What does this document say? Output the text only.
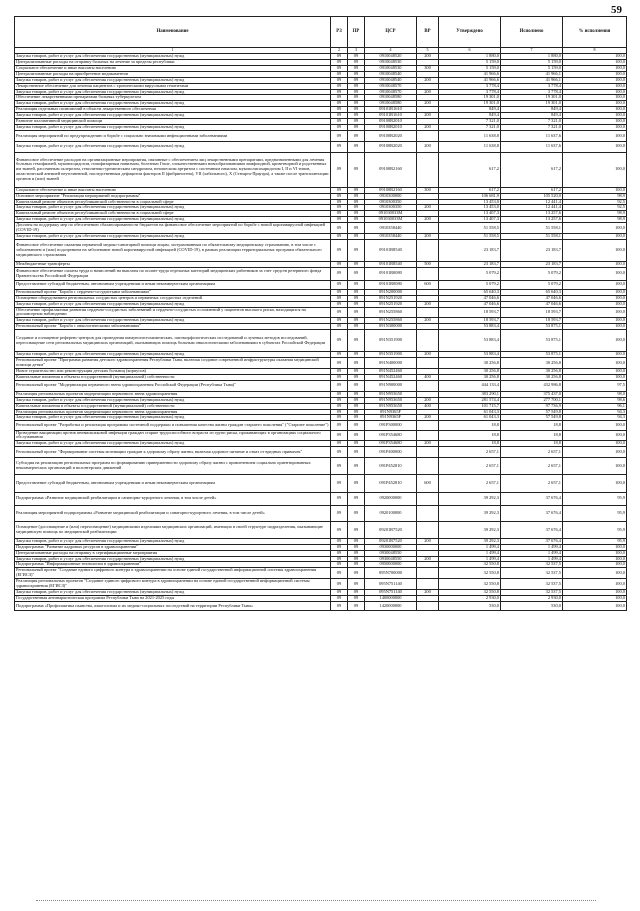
59
Наименование	РЗ	ПР	ЦСР	ВР	Утверждено	Исполнено	% исполнения
1	2	3	4	5	6	7	8
Закупка товаров, работ и услуг для обеспечения государственных (муниципальных) нужд	09	09	0910048520	200	1 880,0	1 880,0	100,0
Централизованные расходы на отправку больных на лечение за пределы республики	09	09	0910048530		5 159,0	5 159,0	100,0
Социальное обеспечение и иные выплаты населению	09	09	0910048530	300	5 159,0	5 159,0	100,0
Централизованные расходы на приобретение медикаментов	09	09	0910048540		41 966,6	41 966,1	100,0
Закупка товаров, работ и услуг для обеспечения государственных (муниципальных) нужд	09	09	0910048540	200	41 966,6	41 966,1	100,0
Лекарственное обеспечение для лечения пациентов с хроническими вирусными гепатитами	09	09	0910048570		3 778,4	3 778,4	100,0
Закупка товаров, работ и услуг для обеспечения государственных (муниципальных) нужд	09	09	0910048570	200	3 778,4	3 778,4	100,0
Обеспечение лекарственными препаратами больных туберкулезом	09	09	0910048580		19 301,0	19 301,0	100,0
Закупка товаров, работ и услуг для обеспечения государственных (муниципальных) нужд	09	09	0910048580	200	19 301,0	19 301,0	100,0
Реализация отдельных полномочий в области лекарственного обеспечения	09	09	09101R1610		849,4	849,4	100,0
Закупка товаров, работ и услуг для обеспечения государственных (муниципальных) нужд	09	09	09101R1610	200	849,4	849,4	100,0
Развитие паллиативной медицинской помощи	09	09	09100R2010		7 321,0	7 321,0	100,0
Закупка товаров, работ и услуг для обеспечения государственных (муниципальных) нужд	09	09	09100R2010	200	7 321,0	7 321,0	100,0
Реализация мероприятий по предупреждению и борьбе с социально значимыми инфекционными заболеваниями	09	09	09100R2020		11 638,8	11 637,6	100,0
Закупка товаров, работ и услуг для обеспечения государственных (муниципальных) нужд	09	09	09100R2020	200	11 638,8	11 637,6	100,0
Финансовое обеспечение расходов на организационные мероприятия, связанные с обеспечением лиц лекарственными препаратами, предназначенными для лечения больных гемофилией, муковисцидозом, гипофизарным нанизмом, болезнью Гоше, злокачественными новообразованиями лимфоидной, кроветворной и родственных им тканей, рассеянным склерозом, гемолитико-уремическим синдромом, юношеским артритом с системным началом, мукополисахаридозом I, II и VI типов, апластической анемией неуточненной, наследственным дефицитом факторов II (фибриногена), VII (лабильного), X (Стюарта-Прауэра), а также после трансплантации органов и (или) тканей	09	09	09100R2160		617,2	617,2	100,0
Социальное обеспечение и иные выплаты населению	09	09	09100R2160	300	617,2	617,2	100,0
Основное мероприятие "Реализация мероприятий подпрограммы"	09	09	0910300000		106 681,9	105 520,0	98,9
Капитальный ремонт объектов республиканской собственности в социальной сфере	09	09	0910300350		13 453,0	12 441,4	92,5
Закупка товаров, работ и услуг для обеспечения государственных (муниципальных) нужд	09	09	0910300350	200	13 453,0	12 441,4	92,5
Капитальный ремонт объектов республиканской собственности в социальной сфере	09	09	091030033M		13 407,3	13 257,6	98,9
Закупка товаров, работ и услуг для обеспечения государственных (муниципальных) нужд	09	09	091030033M	200	13 407,3	13 257,6	98,9
Доплаты на поддержку мер по обеспечению сбалансированности бюджетов на финансовое обеспечение мероприятий по борьбе с новой коронавирусной инфекцией (COVID-19)	09	09	0910358440		51 558,5	51 558,1	100,0
Закупка товаров, работ и услуг для обеспечения государственных (муниципальных) нужд	09	09	0910358440	200	51 558,5	51 558,1	100,0
Финансовое обеспечение оказания первичной медико-санитарной помощи лицам, застрахованным по обязательному медицинскому страхованию, в том числе с заболеванием и (или) подозрением на заболевание новой коронавирусной инфекцией (COVID-19), в рамках реализации территориальных программ обязательного медицинского страхования	09	09	09101R8540		23 183,7	23 183,7	100,0
Межбюджетные трансферты	09	09	09101R8540	500	23 183,7	23 183,7	100,0
Финансовое обеспечение оплаты труда и начислений на выплаты по оплате труда отдельных категорий медицинских работников за счет средств резервного фонда Правительства Российской Федерации	09	09	09101R0080		5 079,2	5 079,2	100,0
Предоставление субсидий бюджетным, автономным учреждениям и иным некоммерческим организациям	09	09	09101R0080	600	5 079,2	5 079,2	100,0
Региональный проект "Борьба с сердечно-сосудистыми заболеваниями"	09	09	091N200000		65 640,3	65 640,3	100,0
Оснащение оборудованием региональных сосудистых центров и первичных сосудистых отделений	09	09	091N251920		47 046,6	47 046,6	100,0
Закупка товаров, работ и услуг для обеспечения государственных (муниципальных) нужд	09	09	091N251920	200	47 046,6	47 046,6	100,0
Обеспечение профилактики развития сердечно-сосудистых заболеваний и сердечно-сосудистых осложнений у пациентов высокого риска, находящихся на диспансерном наблюдении	09	09	091N255860		18 593,7	18 593,7	100,0
Закупка товаров, работ и услуг для обеспечения государственных (муниципальных) нужд	09	09	091N255860	200	18 593,7	18 593,7	100,0
Региональный проект "Борьба с онкологическими заболеваниями"	09	09	091N300000		53 883,4	53 875,1	100,0
Создание и оснащение референс-центров для проведения иммуногистохимических, патоморфологических исследований и лучевых методов исследований, переоснащение сети региональных медицинских организаций, оказывающих помощь больным онкологическими заболеваниями в субъектах Российской Федерации	09	09	091N351900		53 883,4	53 875,1	100,0
Закупка товаров, работ и услуг для обеспечения государственных (муниципальных) нужд	09	09	091N351900	200	53 883,4	53 875,1	100,0
Региональный проект "Программа развития детского здравоохранения Республики Тыва, включая создание современной инфраструктуры оказания медицинской помощи детям"	09	09	091N400000		30 256,8	30 256,8	100,0
Новое строительство или реконструкция детских больниц (корпусов)	09	09	091N452460		30 256,8	30 256,8	100,0
Капитальные вложения в объекты государственной (муниципальной) собственности	09	09	091N452460	400	30 256,8	30 256,8	100,0
Региональный проект "Модернизация первичного звена здравоохранения Российской Федерации (Республика Тыва)"	09	09	091N900000		444 133,4	432 986,8	97,5
Реализация региональных проектов модернизации первичного звена здравоохранения	09	09	091N953650		383 290,1	375 437,0	98,0
Закупка товаров, работ и услуг для обеспечения государственных (муниципальных) нужд	09	09	091N953650	200	281 574,4	277 700,1	98,6
Капитальные вложения в объекты государственной (муниципальной) собственности	09	09	091N953650	400	101 715,7	97 736,9	96,1
Реализация региональных проектов модернизации первичного звена здравоохранения	09	09	091N9365F		61 043,3	57 549,8	94,3
Закупка товаров, работ и услуг для обеспечения государственных (муниципальных) нужд	09	09	091N9365F	200	61 043,3	57 549,8	94,3
Региональный проект "Разработка и реализация программы системной поддержки и повышения качества жизни граждан старшего поколения" ("Старшее поколение")	09	09	091P300000		18,8	18,8	100,0
Проведение вакцинации против пневмококковой инфекции граждан старше трудоспособного возраста из групп риска, проживающих в организациях социального обслуживания	09	09	091P354680		18,8	18,8	100,0
Закупка товаров, работ и услуг для обеспечения государственных (муниципальных) нужд	09	09	091P354680	200	18,8	18,8	100,0
Региональный проект "Формирование системы мотивации граждан к здоровому образу жизни, включая здоровое питание и отказ от вредных привычек"	09	09	091P400000		2 657,1	2 657,1	100,0
Субсидия на реализацию региональных программ по формированию приверженности здоровому образу жизни с привлечением социально ориентированных некоммерческих организаций и волонтерских движений	09	09	091P452810		2 657,1	2 657,1	100,0
Предоставление субсидий бюджетным, автономным учреждениям и иным некоммерческим организациям	09	09	091P452810	600	2 657,1	2 657,1	100,0
Подпрограмма «Развитие медицинской реабилитации и санаторно-курортного лечения, в том числе детей»	09	09	0920000000		39 292,3	37 676,4	95,9
Реализация мероприятий подпрограммы «Развитие медицинской реабилитации и санаторно-курортного лечения, в том числе детей»	09	09	0920100000		39 292,3	37 676,4	95,9
Оснащение (дооснащение и (или) переоснащение) медицинскими изделиями медицинских организаций, имеющих в своей структуре подразделения, оказывающие медицинскую помощь по медицинской реабилитации	09	09	09201R7520		39 292,3	37 676,4	95,9
Закупка товаров, работ и услуг для обеспечения государственных (муниципальных) нужд	09	09	09201R7520	200	39 292,3	37 676,4	95,9
Подпрограмма "Развитие кадровых ресурсов в здравоохранении"	09	09	0930000000		1 499,4	1 499,4	100,0
Централизованные расходы на отправку в сертификационные мероприятия	09	09	0930048550		1 499,4	1 499,4	100,0
Закупка товаров, работ и услуг для обеспечения государственных (муниципальных) нужд	09	09	0930048550	200	1 499,4	1 499,4	100,0
Подпрограмма "Информационные технологии в здравоохранении"	09	09	0950000000		32 550,8	32 537,5	100,0
Региональный проект "Создание единого цифрового контура в здравоохранении на основе единой государственной информационной системы здравоохранения (ЕГИСЗ)"	09	09	095N700000		32 550,8	32 537,5	100,0
Реализация региональных проектов "Создание единого цифрового контура в здравоохранении на основе единой государственной информационной системы здравоохранения (ЕГИСЗ)"	09	09	095N751140		32 550,8	32 537,5	100,0
Закупка товаров, работ и услуг для обеспечения государственных (муниципальных) нужд	09	09	095N751140	200	32 550,8	32 537,5	100,0
Государственная антинаркотическая программа Республики Тыва на 2021-2025 годы	09	09	1400000000		2 930,0	2 930,0	100,0
Подпрограмма «Профилактика пьянства, алкоголизма и их медико-социальных последствий на территории Республики Тыва»	09	09	1420000000		530,0	530,0	100,0
